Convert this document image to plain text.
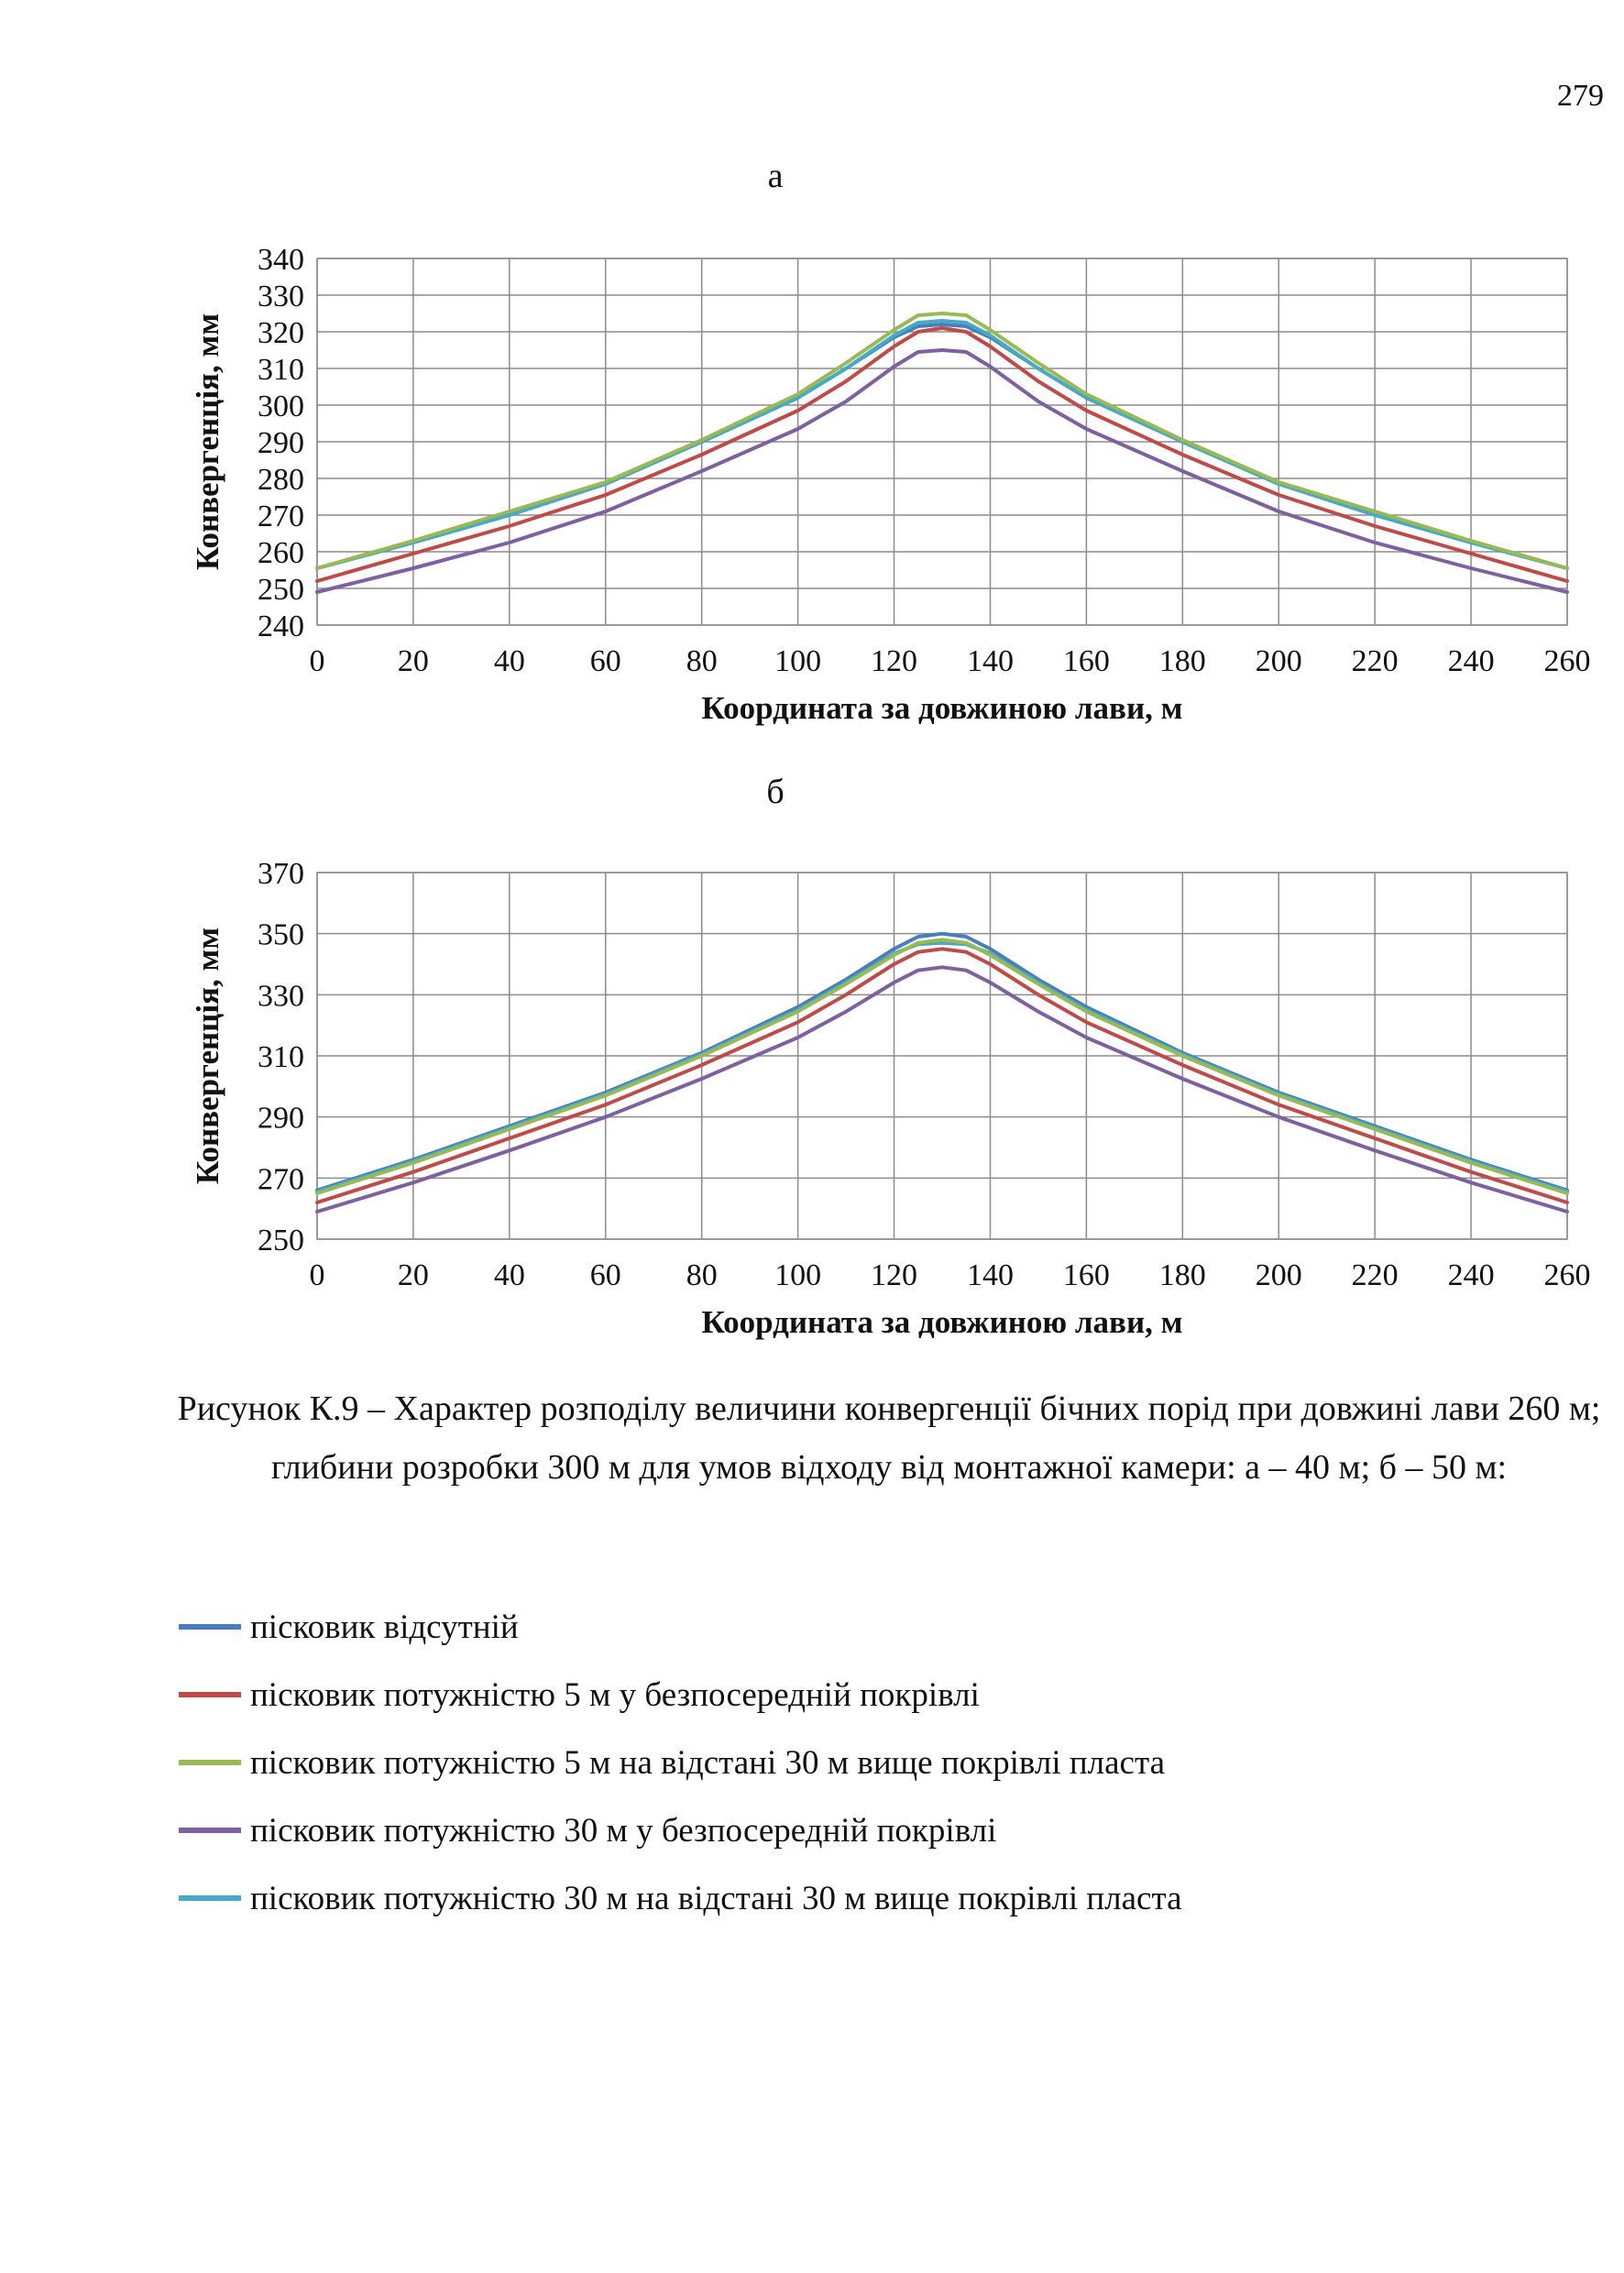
279
а
240
250
260
270
280
290
300
310
320
330
340
0 20 40 60 80 100 120 140 160 180 200 220 240 260
Координата за довжиною лави, м
Конвергенція, мм
б
250
270
290
310
330
350
370
0 20 40 60 80 100 120 140 160 180 200 220 240 260
Координата за довжиною лави, м
Конвергенція, мм
Рисунок К.9 – Характер розподілу величини конвергенції бічних порід при довжині лави 260 м; глибини розробки 300 м для умов відходу від монтажної камери: а – 40 м; б – 50 м:
пісковик відсутній
пісковик потужністю 5 м у безпосередній покрівлі
пісковик потужністю 5 м на відстані 30 м вище покрівлі пласта
пісковик потужністю 30 м у безпосередній покрівлі
пісковик потужністю 30 м на відстані 30 м вище покрівлі пласта
